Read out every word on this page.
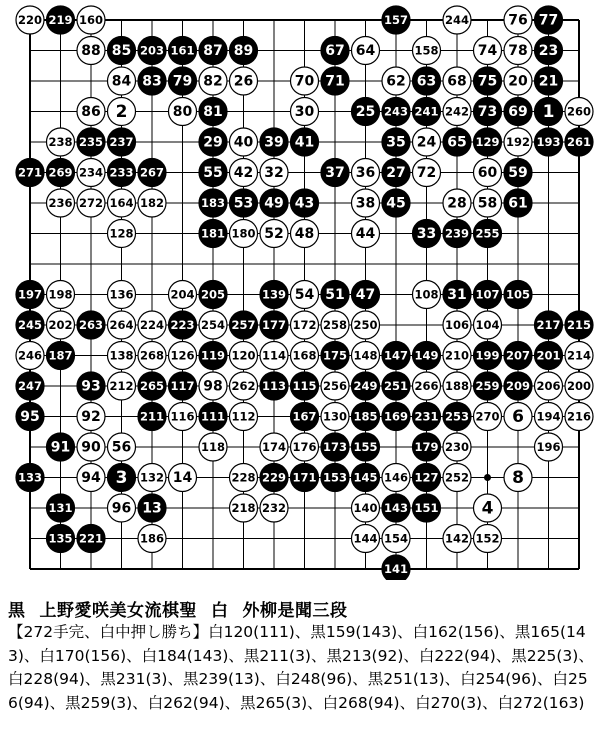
1
2
3
4
270 6
209
8
259
151
255
13
14
212
60
20 21
71
23
24
25
26
27
28
29
30
31
32
33
35
36
37
38
39
40	41
42
43
44
45
108
47
48
49
258
51
52
53
54
55
56
239
58
59
61
62 63
64
65 129
67
68
69
70
72
73
74
75
76 77
78
79
80 81
82
83
84
85
86
87
88	89
90
91
92
93
94
95
96
211
98
179
175
104
199 207
105
106
107
210
111 112
113
114
115
116
117
118
119 120
172
257
265
126
127
128
130
131
132
133
264
135
136
177
138
139
140
141
142
143
144
145 146
147
148	149
185
152
153
154
155
249
157
158
169
160
161
272 164
167
168
171
173
174 176
256
180
181
182	183
253
186
187
188
266
231
192 193
194
206
196
197 198
200
201
202
203
204 205
223
214
215
216
217
218
219
220
221
224
268
230
228 229
232
233
234
235
236
237
238
241 242
243
244
245
246
247
250
251
252
254
260
261
262
263
267
269
271
黒 上野愛咲美女流棋聖 白 外柳是聞三段
【272手完、白中押し勝ち】白120(111)、黒159(143)、白162(156)、黒165(143)、白170(156)、白184(143)、黒211(3)、黒213(92)、白222(94)、黒225(3)、白228(94)、黒231(3)、黒239(13)、白248(96)、黒251(13)、白254(96)、白256(94)、黒259(3)、白262(94)、黒265(3)、白268(94)、白270(3)、白272(163)
